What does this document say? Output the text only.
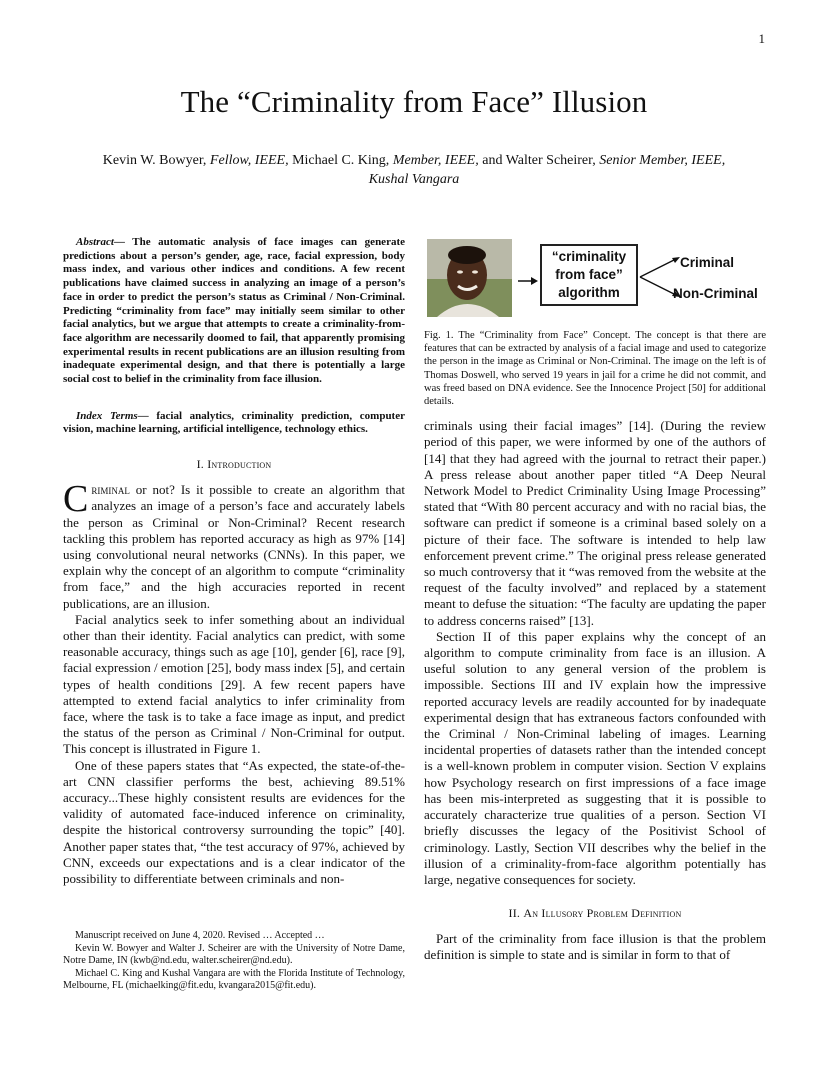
1
The “Criminality from Face” Illusion
Kevin W. Bowyer, Fellow, IEEE, Michael C. King, Member, IEEE, and Walter Scheirer, Senior Member, IEEE, Kushal Vangara

Abstract— The automatic analysis of face images can generate predictions about a person’s gender, age, race, facial expression, body mass index, and various other indices and conditions. A few recent publications have claimed success in analyzing an image of a person’s face in order to predict the person’s status as Criminal / Non-Criminal. Predicting “criminality from face” may initially seem similar to other facial analytics, but we argue that attempts to create a criminality-from-face algorithm are necessarily doomed to fail, that apparently promising experimental results in recent publications are an illusion resulting from inadequate experimental design, and that there is potentially a large social cost to belief in the criminality from face illusion.

Index Terms— facial analytics, criminality prediction, computer vision, machine learning, artificial intelligence, technology ethics.

I. Introduction

Criminal or not? Is it possible to create an algorithm that analyzes an image of a person’s face and accurately labels the person as Criminal or Non-Criminal? Recent research tackling this problem has reported accuracy as high as 97% [14] using convolutional neural networks (CNNs). In this paper, we explain why the concept of an algorithm to compute “criminality from face,” and the high accuracies reported in recent publications, are an illusion.

Facial analytics seek to infer something about an individual other than their identity. Facial analytics can predict, with some reasonable accuracy, things such as age [10], gender [6], race [9], facial expression / emotion [25], body mass index [5], and certain types of health conditions [29]. A few recent papers have attempted to extend facial analytics to infer criminality from face, where the task is to take a face image as input, and predict the status of the person as Criminal / Non-Criminal for output. This concept is illustrated in Figure 1.

One of these papers states that “As expected, the state-of-the-art CNN classifier performs the best, achieving 89.51% accuracy...These highly consistent results are evidences for the validity of automated face-induced inference on criminality, despite the historical controversy surrounding the topic” [40]. Another paper states that, “the test accuracy of 97%, achieved by CNN, exceeds our expectations and is a clear indicator of the possibility to differentiate between criminals and non-

Manuscript received on June 4, 2020. Revised … Accepted …

Kevin W. Bowyer and Walter J. Scheirer are with the University of Notre Dame, Notre Dame, IN (kwb@nd.edu, walter.scheirer@nd.edu).

Michael C. King and Kushal Vangara are with the Florida Institute of Technology, Melbourne, FL (michaelking@fit.edu, kvangara2015@fit.edu).

“criminality
from face”
algorithm
Criminal
Non-Criminal

Fig. 1. The “Criminality from Face” Concept. The concept is that there are features that can be extracted by analysis of a facial image and used to categorize the person in the image as Criminal or Non-Criminal. The image on the left is of Thomas Doswell, who served 19 years in jail for a crime he did not commit, and was freed based on DNA evidence. See the Innocence Project [50] for additional details.

criminals using their facial images” [14]. (During the review period of this paper, we were informed by one of the authors of [14] that they had agreed with the journal to retract their paper.) A press release about another paper titled “A Deep Neural Network Model to Predict Criminality Using Image Processing” stated that “With 80 percent accuracy and with no racial bias, the software can predict if someone is a criminal based solely on a picture of their face. The software is intended to help law enforcement prevent crime.” The original press release generated so much controversy that it “was removed from the website at the request of the faculty involved” and replaced by a statement meant to defuse the situation: “The faculty are updating the paper to address concerns raised” [13].

Section II of this paper explains why the concept of an algorithm to compute criminality from face is an illusion. A useful solution to any general version of the problem is impossible. Sections III and IV explain how the impressive reported accuracy levels are readily accounted for by inadequate experimental design that has extraneous factors confounded with the Criminal / Non-Criminal labeling of images. Learning incidental properties of datasets rather than the intended concept is a well-known problem in computer vision. Section V explains how Psychology research on first impressions of a face image has been mis-interpreted as suggesting that it is possible to accurately characterize true qualities of a person. Section VI briefly discusses the legacy of the Positivist School of criminology. Lastly, Section VII describes why the belief in the illusion of a criminality-from-face algorithm potentially has large, negative consequences for society.

II. An Illusory Problem Definition

Part of the criminality from face illusion is that the problem definition is simple to state and is similar in form to that of
